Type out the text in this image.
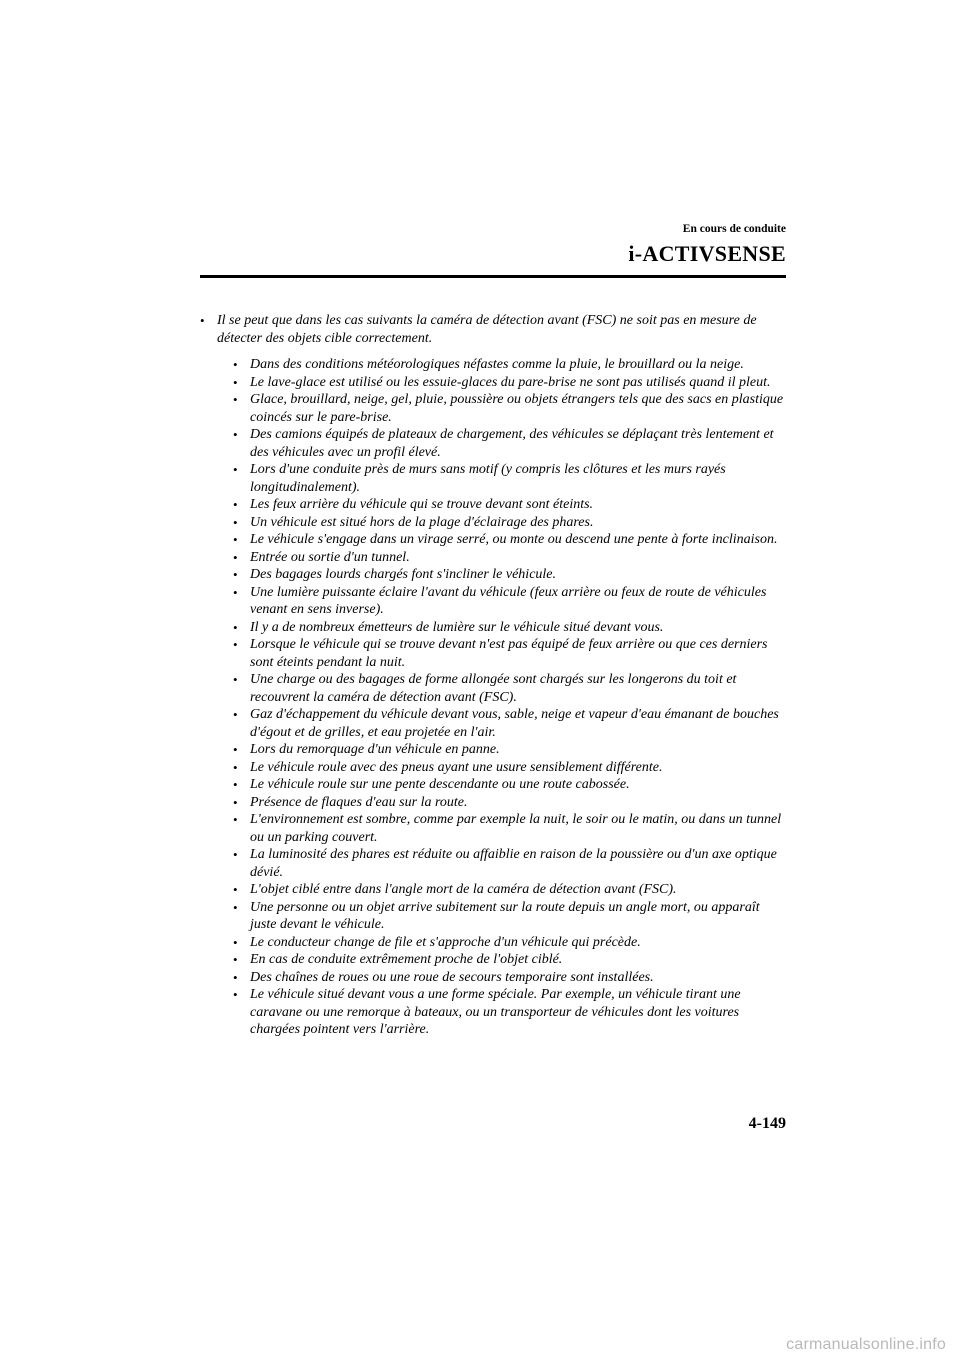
En cours de conduite
i-ACTIVSENSE
• Il se peut que dans les cas suivants la caméra de détection avant (FSC) ne soit pas en mesure de détecter des objets cible correctement.
• Dans des conditions météorologiques néfastes comme la pluie, le brouillard ou la neige.
• Le lave-glace est utilisé ou les essuie-glaces du pare-brise ne sont pas utilisés quand il pleut.
• Glace, brouillard, neige, gel, pluie, poussière ou objets étrangers tels que des sacs en plastique coincés sur le pare-brise.
• Des camions équipés de plateaux de chargement, des véhicules se déplaçant très lentement et des véhicules avec un profil élevé.
• Lors d'une conduite près de murs sans motif (y compris les clôtures et les murs rayés longitudinalement).
• Les feux arrière du véhicule qui se trouve devant sont éteints.
• Un véhicule est situé hors de la plage d'éclairage des phares.
• Le véhicule s'engage dans un virage serré, ou monte ou descend une pente à forte inclinaison.
• Entrée ou sortie d'un tunnel.
• Des bagages lourds chargés font s'incliner le véhicule.
• Une lumière puissante éclaire l'avant du véhicule (feux arrière ou feux de route de véhicules venant en sens inverse).
• Il y a de nombreux émetteurs de lumière sur le véhicule situé devant vous.
• Lorsque le véhicule qui se trouve devant n'est pas équipé de feux arrière ou que ces derniers sont éteints pendant la nuit.
• Une charge ou des bagages de forme allongée sont chargés sur les longerons du toit et recouvrent la caméra de détection avant (FSC).
• Gaz d'échappement du véhicule devant vous, sable, neige et vapeur d'eau émanant de bouches d'égout et de grilles, et eau projetée en l'air.
• Lors du remorquage d'un véhicule en panne.
• Le véhicule roule avec des pneus ayant une usure sensiblement différente.
• Le véhicule roule sur une pente descendante ou une route cabossée.
• Présence de flaques d'eau sur la route.
• L'environnement est sombre, comme par exemple la nuit, le soir ou le matin, ou dans un tunnel ou un parking couvert.
• La luminosité des phares est réduite ou affaiblie en raison de la poussière ou d'un axe optique dévié.
• L'objet ciblé entre dans l'angle mort de la caméra de détection avant (FSC).
• Une personne ou un objet arrive subitement sur la route depuis un angle mort, ou apparaît juste devant le véhicule.
• Le conducteur change de file et s'approche d'un véhicule qui précède.
• En cas de conduite extrêmement proche de l'objet ciblé.
• Des chaînes de roues ou une roue de secours temporaire sont installées.
• Le véhicule situé devant vous a une forme spéciale. Par exemple, un véhicule tirant une caravane ou une remorque à bateaux, ou un transporteur de véhicules dont les voitures chargées pointent vers l'arrière.
4-149
carmanualsonline.info
